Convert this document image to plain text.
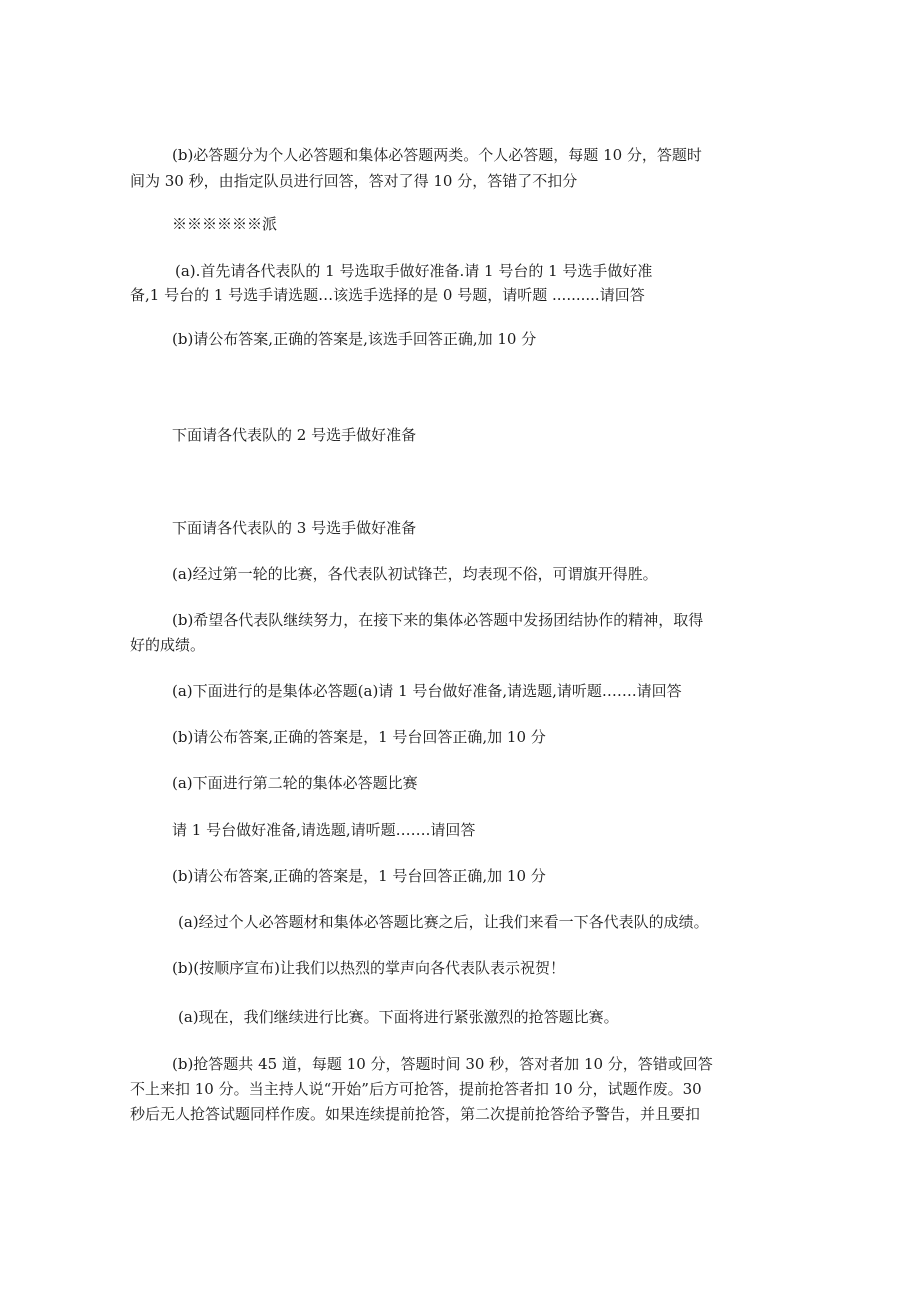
(b)必答题分为个人必答题和集体必答题两类。个人必答题，每题 10 分，答题时
间为 30 秒，由指定队员进行回答，答对了得 10 分，答错了不扣分
※※※※※※派
(a).首先请各代表队的 1 号选取手做好准备.请 1 号台的 1 号选手做好准
备,1 号台的 1 号选手请选题…该选手选择的是 0 号题，请听题 ..........请回答
(b)请公布答案,正确的答案是,该选手回答正确,加 10 分
下面请各代表队的 2 号选手做好准备
下面请各代表队的 3 号选手做好准备
(a)经过第一轮的比赛，各代表队初试锋芒，均表现不俗，可谓旗开得胜。
(b)希望各代表队继续努力，在接下来的集体必答题中发扬团结协作的精神，取得
好的成绩。
(a)下面进行的是集体必答题(a)请 1 号台做好准备,请选题,请听题…….请回答
(b)请公布答案,正确的答案是，1 号台回答正确,加 10 分
(a)下面进行第二轮的集体必答题比赛
请 1 号台做好准备,请选题,请听题…….请回答
(b)请公布答案,正确的答案是，1 号台回答正确,加 10 分
(a)经过个人必答题材和集体必答题比赛之后，让我们来看一下各代表队的成绩。
(b)(按顺序宣布)让我们以热烈的掌声向各代表队表示祝贺！
(a)现在，我们继续进行比赛。下面将进行紧张激烈的抢答题比赛。
(b)抢答题共 45 道，每题 10 分，答题时间 30 秒，答对者加 10 分，答错或回答
不上来扣 10 分。当主持人说“开始”后方可抢答，提前抢答者扣 10 分，试题作废。30
秒后无人抢答试题同样作废。如果连续提前抢答，第二次提前抢答给予警告，并且要扣
